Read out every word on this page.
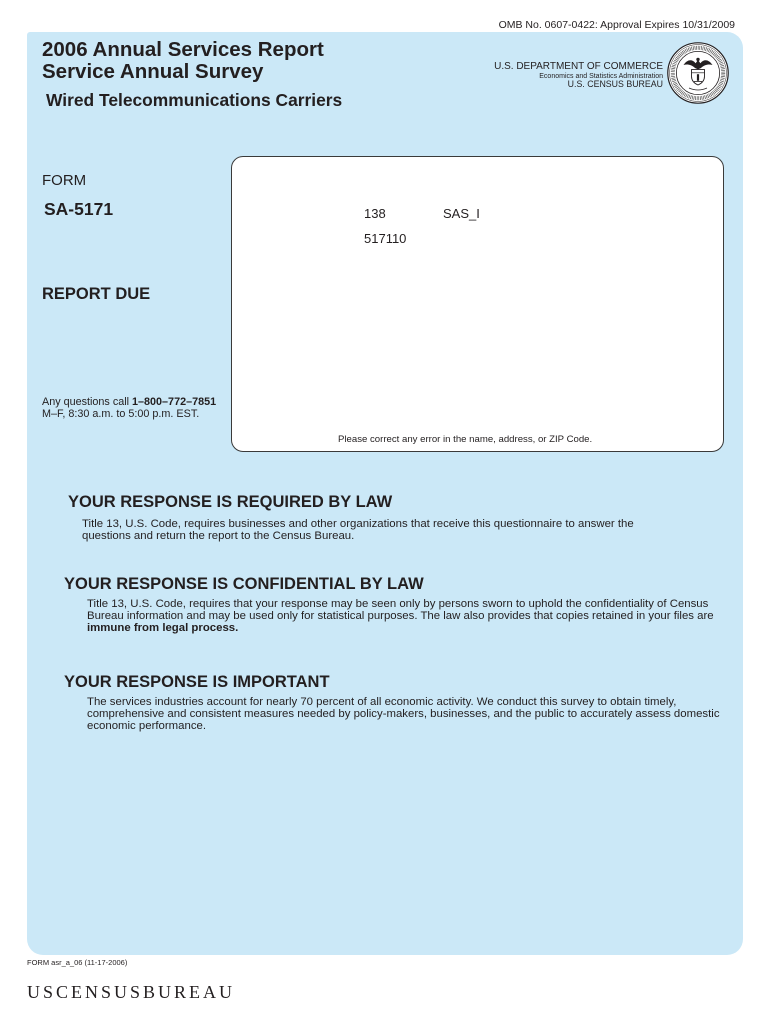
OMB No. 0607-0422: Approval Expires 10/31/2009
2006 Annual Services Report
Service Annual Survey
Wired Telecommunications Carriers
U.S. DEPARTMENT OF COMMERCE
Economics and Statistics Administration
U.S. CENSUS BUREAU
FORM
SA-5171
REPORT DUE
Any questions call 1–800–772–7851
M–F, 8:30 a.m. to 5:00 p.m. EST.
138	SAS_I
517110
Please correct any error in the name, address, or ZIP Code.
YOUR RESPONSE IS REQUIRED BY LAW
Title 13, U.S. Code, requires businesses and other organizations that receive this questionnaire to answer the
questions and return the report to the Census Bureau.
YOUR RESPONSE IS CONFIDENTIAL BY LAW
Title 13, U.S. Code, requires that your response may be seen only by persons sworn to uphold the confidentiality of Census
Bureau information and may be used only for statistical purposes. The law also provides that copies retained in your files are
immune from legal process.
YOUR RESPONSE IS IMPORTANT
The services industries account for nearly 70 percent of all economic activity. We conduct this survey to obtain timely,
comprehensive and consistent measures needed by policy-makers, businesses, and the public to accurately assess domestic
economic performance.
FORM asr_a_06 (11-17-2006)
USCENSUSBUREAU
